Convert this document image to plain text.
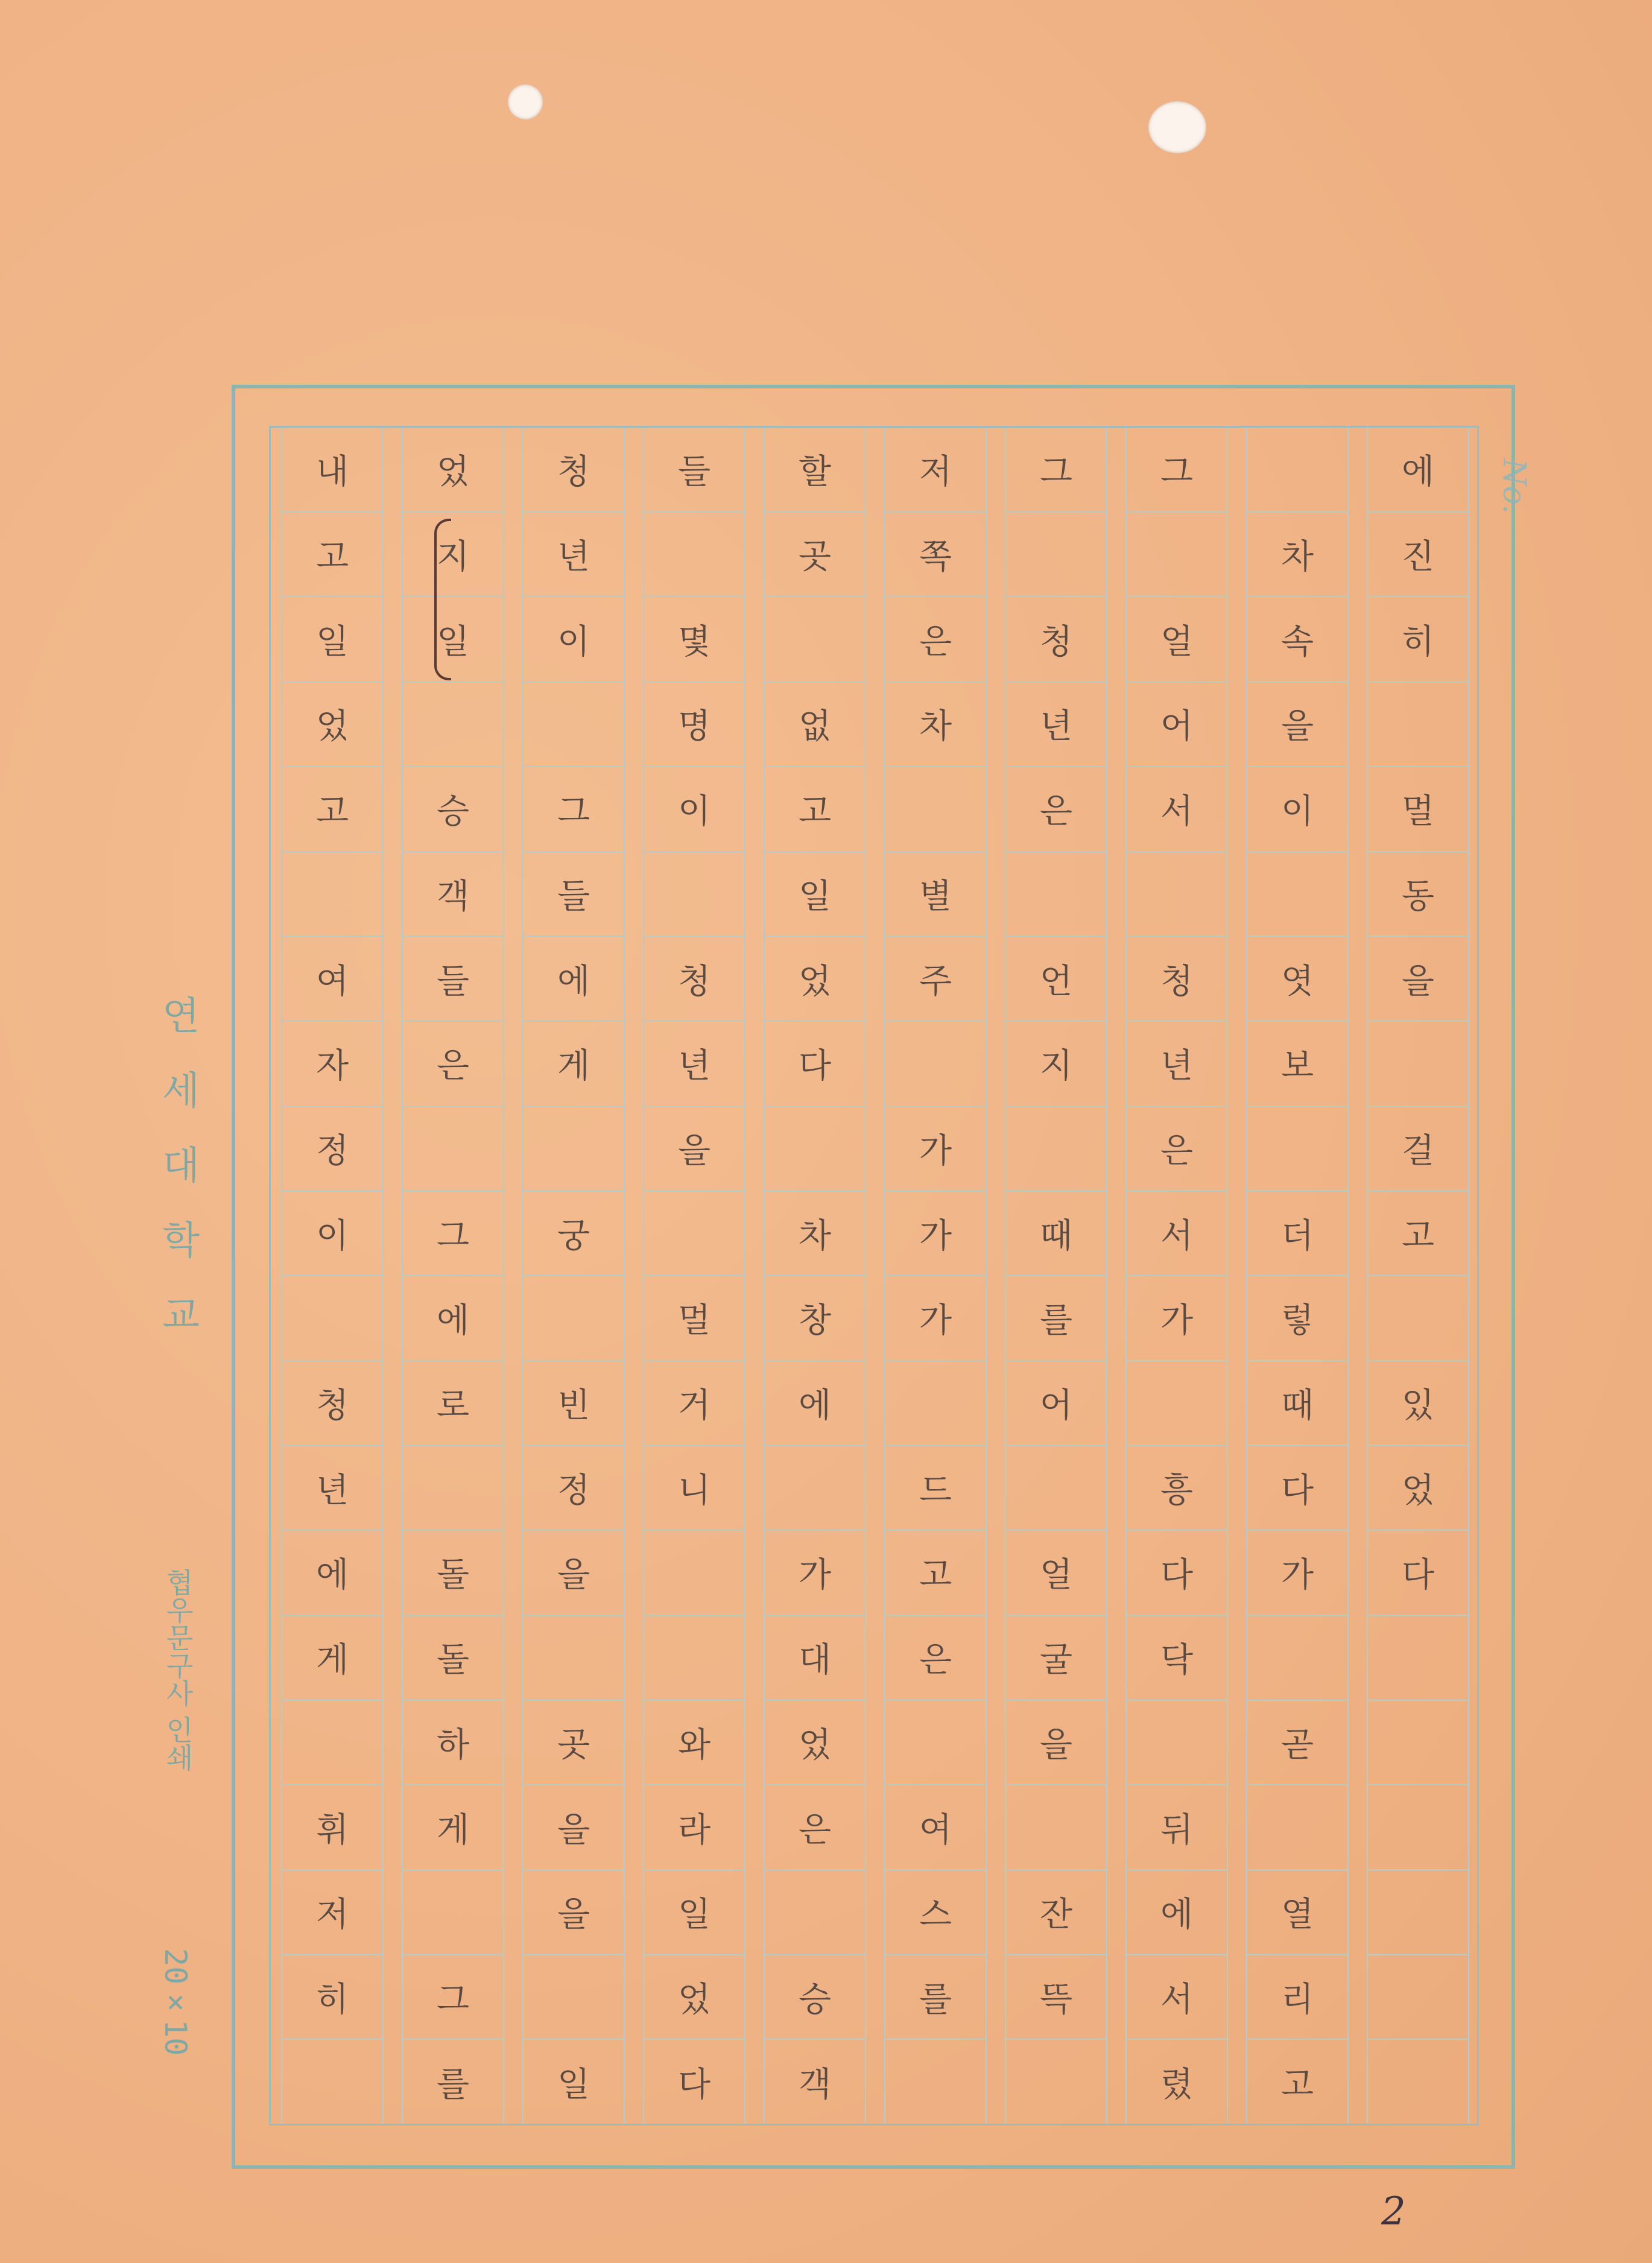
No.
연세대학교
협우문구사 인쇄
20×10
에
진
히
멀
동
을
걸
고
있
었
다
차
속
을
이
엿
보
더
렇
때
다
가
곧
열
리
고
그
얼
어
서
청
년
은
서
가
흥
다
닥
뒤
에
서
렸
그
청
년
은
언
지
때
를
어
얼
굴
을
잔
뜩
저
쪽
은
차
별
주
가
가
가
드
고
은
여
스
를
할
곳
없
고
일
었
다
차
창
에
가
대
었
은
승
객
들
몇
명
이
청
년
을
멀
거
니
와
라
일
었
다
청
년
이
그
들
에
게
궁
빈
정
을
곳
을
을
일
었
지
일
승
객
들
은
그
에
로
돌
돌
하
게
그
를
내
고
일
었
고
여
자
정
이
청
년
에
게
휘
저
히
2
